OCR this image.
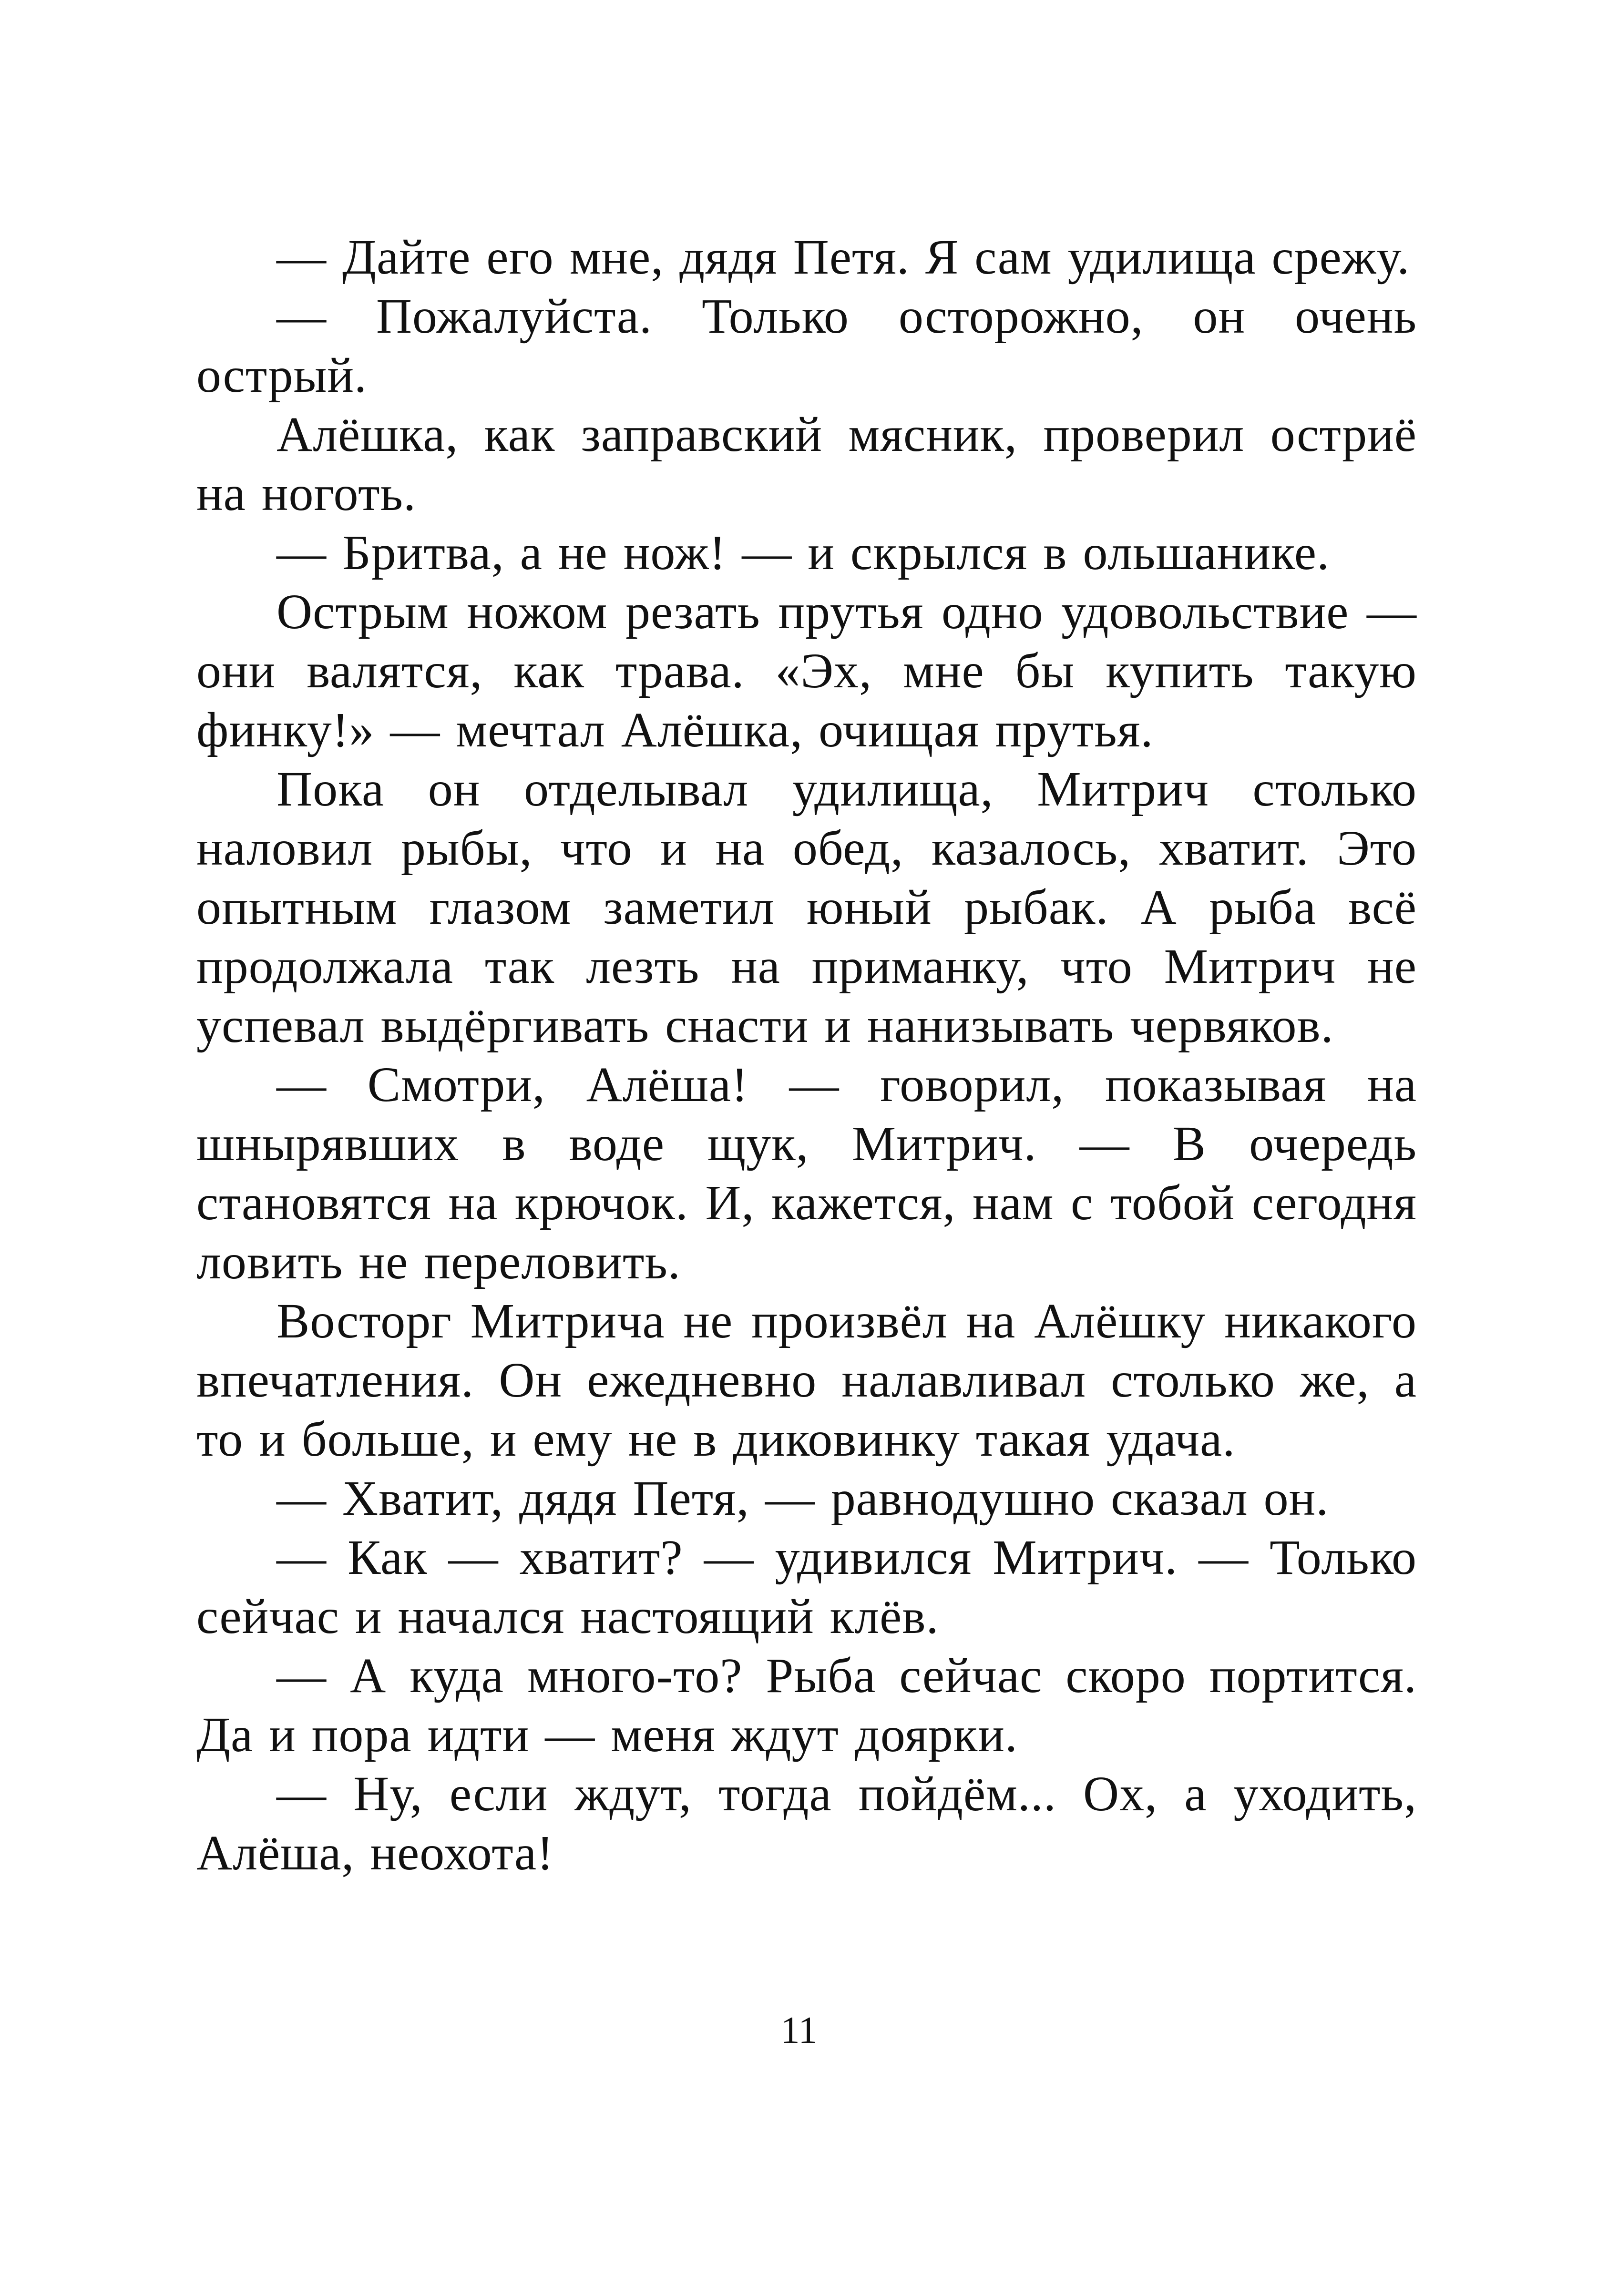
— Дайте его мне, дядя Петя. Я сам удилища срежу.

— Пожалуйста. Только осторожно, он очень острый.

Алёшка, как заправский мясник, проверил остриё на ноготь.

— Бритва, а не нож! — и скрылся в ольшанике.

Острым ножом резать прутья одно удовольствие — они валятся, как трава. «Эх, мне бы купить такую финку!» — мечтал Алёшка, очищая прутья.

Пока он отделывал удилища, Митрич столько наловил рыбы, что и на обед, казалось, хватит. Это опытным глазом заметил юный рыбак. А рыба всё продолжала так лезть на приманку, что Митрич не успевал выдёргивать снасти и нанизывать червяков.

— Смотри, Алёша! — говорил, показывая на шнырявших в воде щук, Митрич. — В очередь становятся на крючок. И, кажется, нам с тобой сегодня ловить не переловить.

Восторг Митрича не произвёл на Алёшку никакого впечатления. Он ежедневно налавливал столько же, а то и больше, и ему не в диковинку такая удача.

— Хватит, дядя Петя, — равнодушно сказал он.

— Как — хватит? — удивился Митрич. — Только сейчас и начался настоящий клёв.

— А куда много-то? Рыба сейчас скоро портится. Да и пора идти — меня ждут доярки.

— Ну, если ждут, тогда пойдём... Ох, а уходить, Алёша, неохота!

11
